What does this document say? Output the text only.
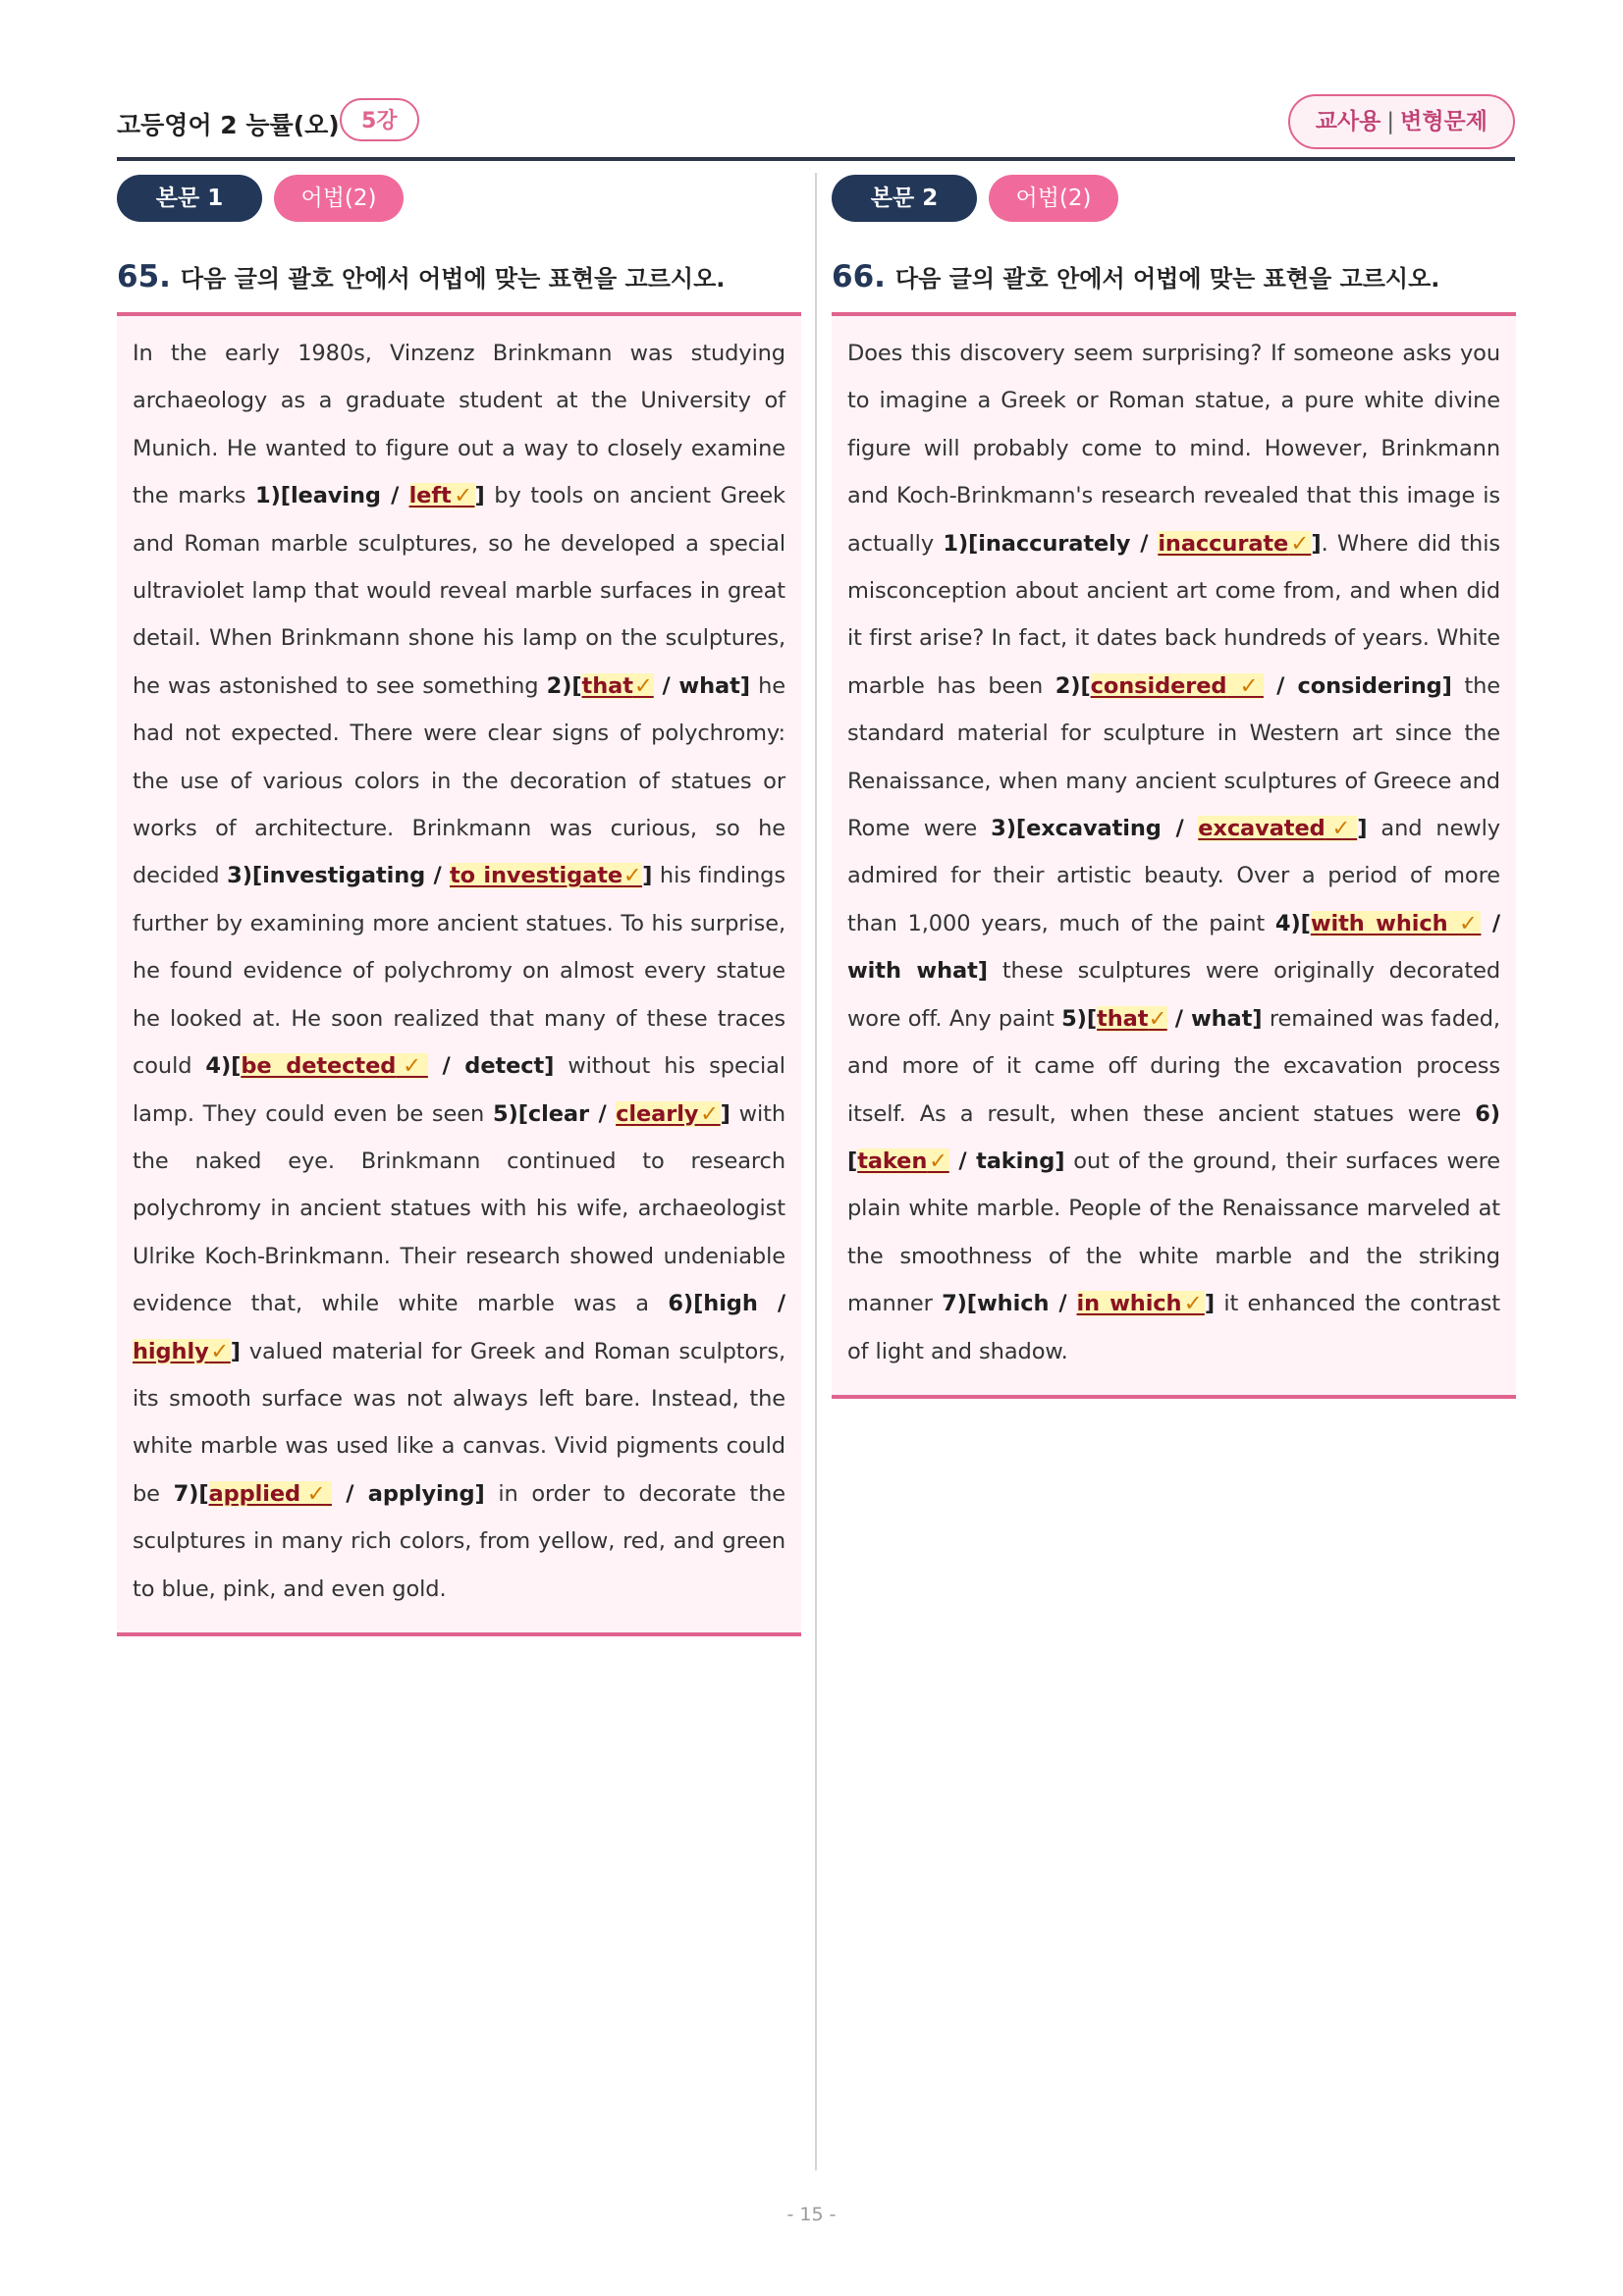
고등영어 2 능률(오)	5강	교사용 | 변형문제
본문 1	어법(2)
65. 다음 글의 괄호 안에서 어법에 맞는 표현을 고르시오.
In the early 1980s, Vinzenz Brinkmann was studying archaeology as a graduate student at the University of Munich. He wanted to figure out a way to closely examine the marks 1)[leaving / left✓] by tools on ancient Greek and Roman marble sculptures, so he developed a special ultraviolet lamp that would reveal marble surfaces in great detail. When Brinkmann shone his lamp on the sculptures, he was astonished to see something 2)[that✓ / what] he had not expected. There were clear signs of polychromy: the use of various colors in the decoration of statues or works of architecture. Brinkmann was curious, so he decided 3)[investigating / to investigate✓] his findings further by examining more ancient statues. To his surprise, he found evidence of polychromy on almost every statue he looked at. He soon realized that many of these traces could 4)[be detected✓ / detect] without his special lamp. They could even be seen 5)[clear / clearly✓] with the naked eye. Brinkmann continued to research polychromy in ancient statues with his wife, archaeologist Ulrike Koch-Brinkmann. Their research showed undeniable evidence that, while white marble was a 6)[high / highly✓] valued material for Greek and Roman sculptors, its smooth surface was not always left bare. Instead, the white marble was used like a canvas. Vivid pigments could be 7)[applied✓ / applying] in order to decorate the sculptures in many rich colors, from yellow, red, and green to blue, pink, and even gold.
본문 2	어법(2)
66. 다음 글의 괄호 안에서 어법에 맞는 표현을 고르시오.
Does this discovery seem surprising? If someone asks you to imagine a Greek or Roman statue, a pure white divine figure will probably come to mind. However, Brinkmann and Koch-Brinkmann's research revealed that this image is actually 1)[inaccurately / inaccurate✓]. Where did this misconception about ancient art come from, and when did it first arise? In fact, it dates back hundreds of years. White marble has been 2)[considered ✓ / considering] the standard material for sculpture in Western art since the Renaissance, when many ancient sculptures of Greece and Rome were 3)[excavating / excavated✓] and newly admired for their artistic beauty. Over a period of more than 1,000 years, much of the paint 4)[with which ✓ / with what] these sculptures were originally decorated wore off. Any paint 5)[that✓ / what] remained was faded, and more of it came off during the excavation process itself. As a result, when these ancient statues were 6)[taken✓ / taking] out of the ground, their surfaces were plain white marble. People of the Renaissance marveled at the smoothness of the white marble and the striking manner 7)[which / in which✓] it enhanced the contrast of light and shadow.
- 15 -
